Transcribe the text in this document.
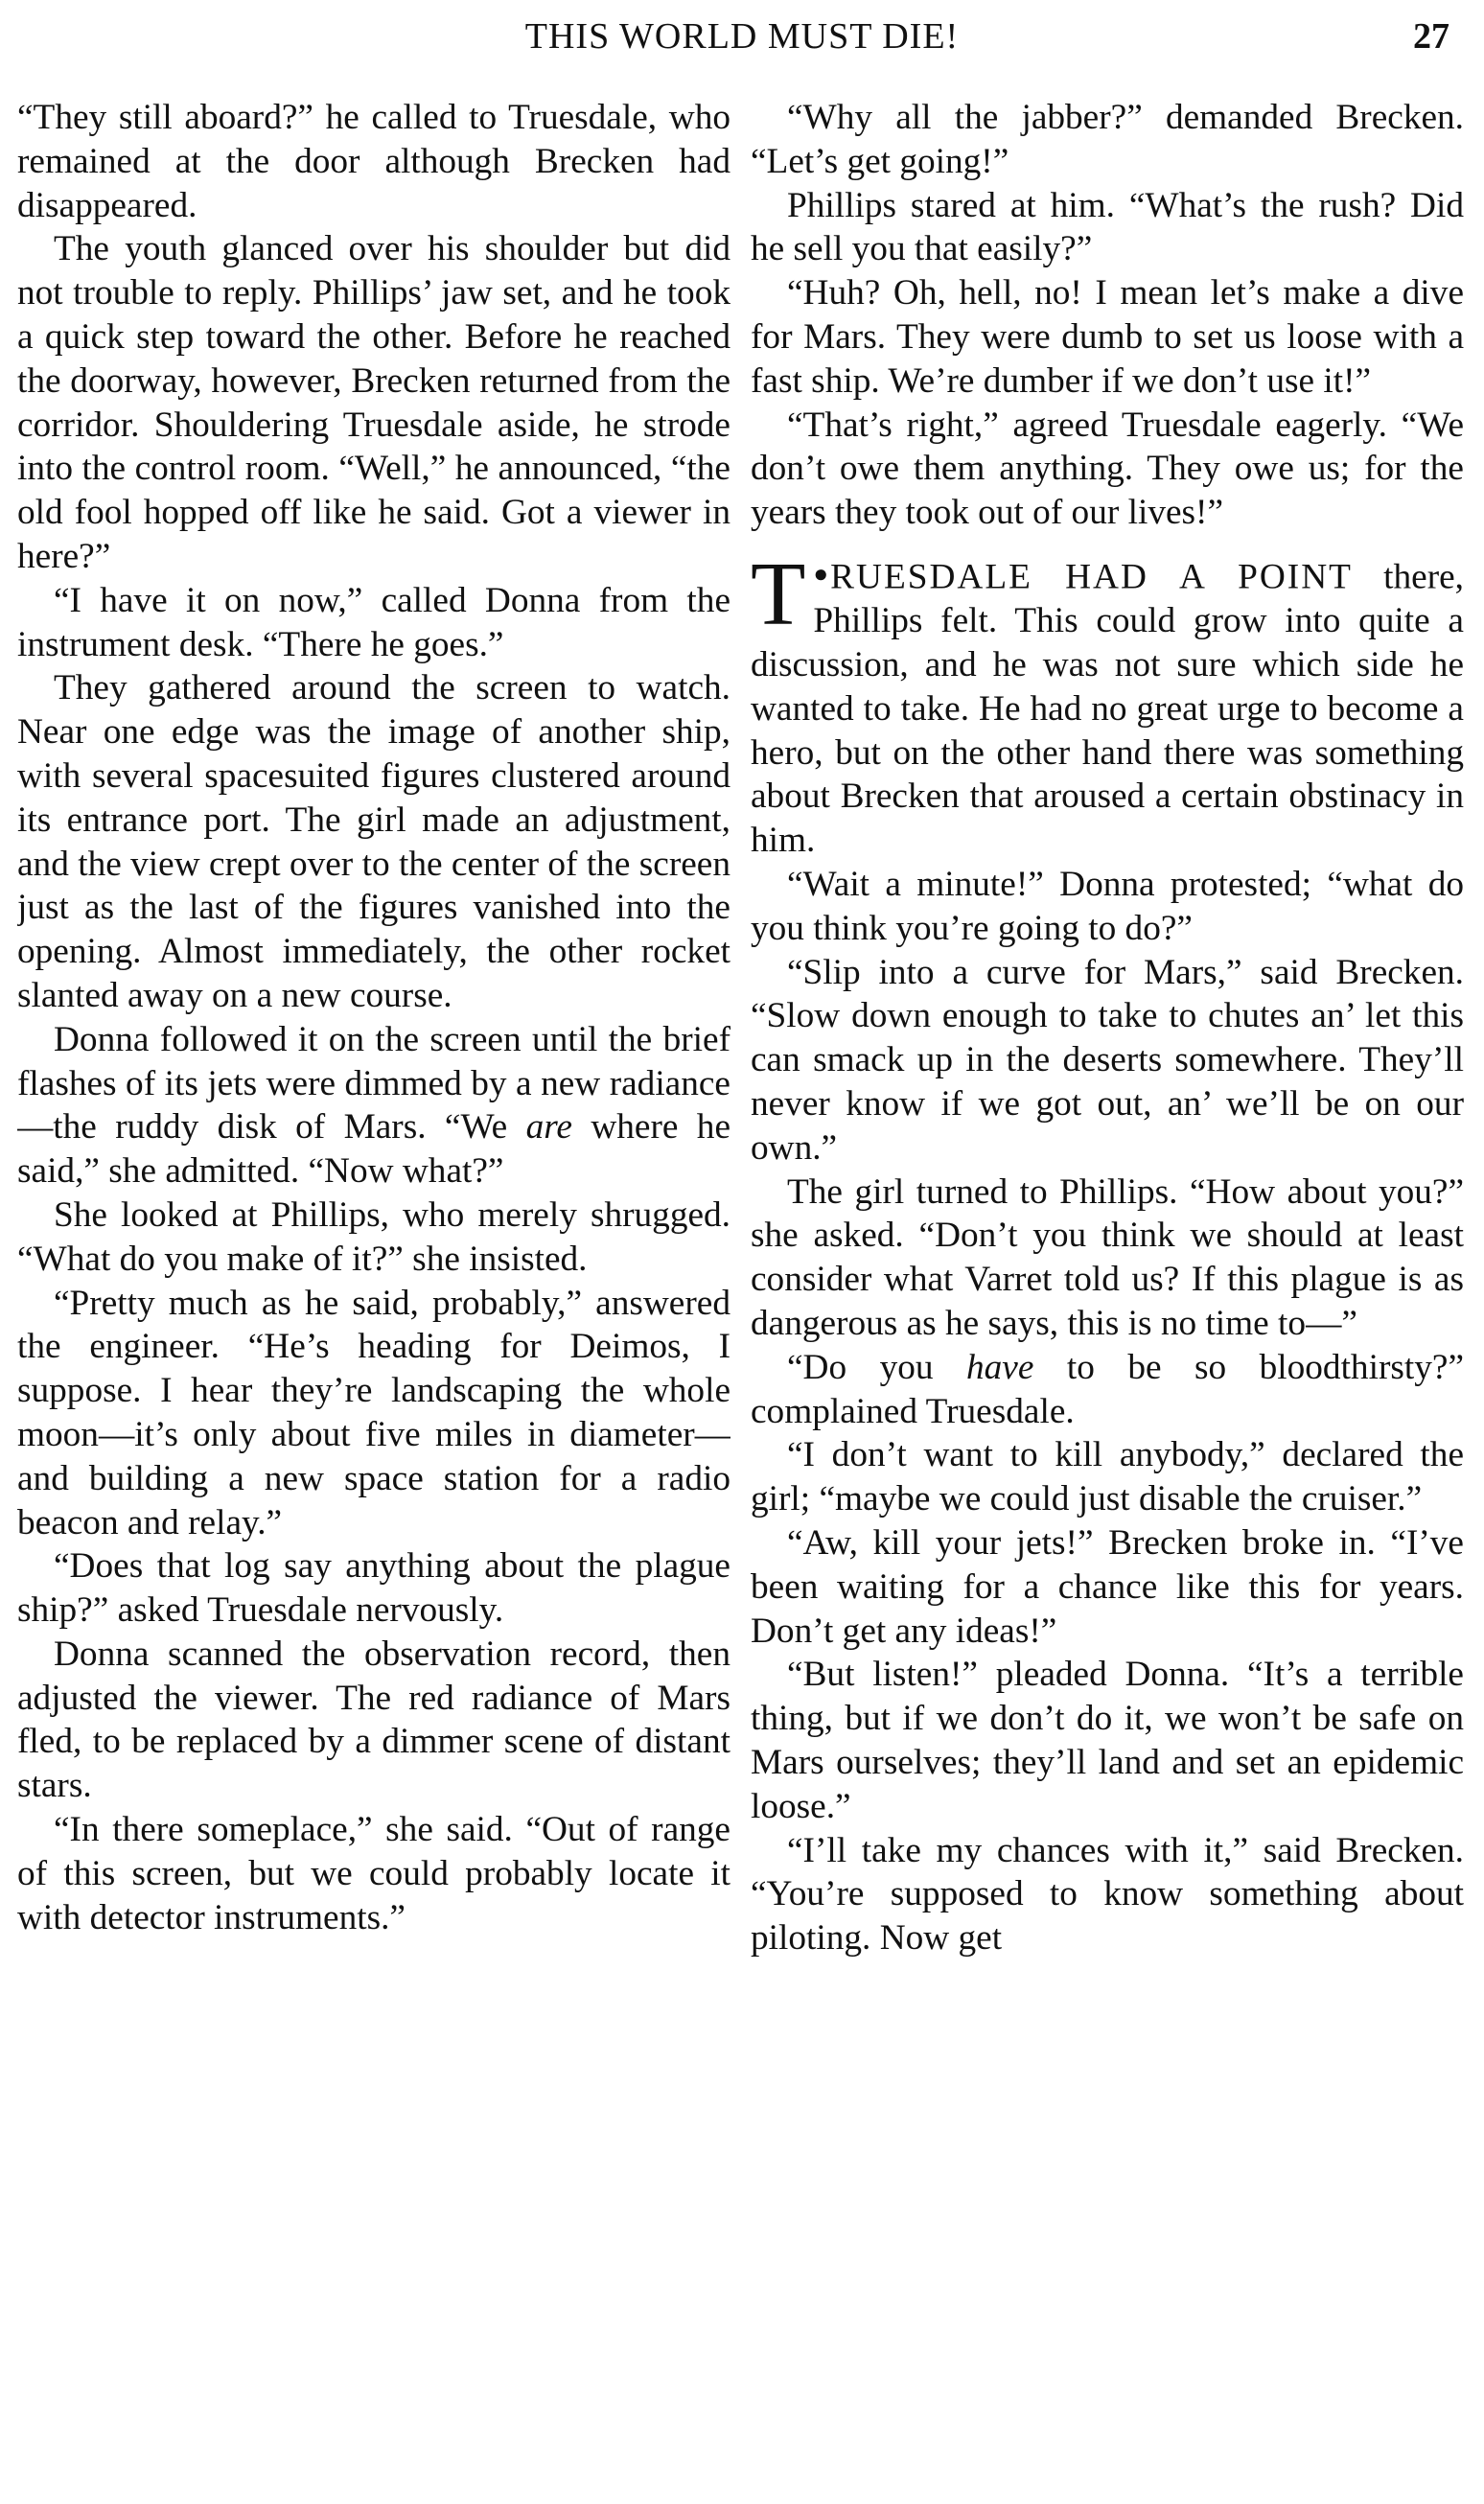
THIS WORLD MUST DIE!	27

“They still aboard?” he called to Truesdale, who remained at the door although Brecken had disappeared.

The youth glanced over his shoulder but did not trouble to reply. Phillips’ jaw set, and he took a quick step toward the other. Before he reached the doorway, however, Brecken returned from the corridor. Shouldering Truesdale aside, he strode into the control room. “Well,” he announced, “the old fool hopped off like he said. Got a viewer in here?”

“I have it on now,” called Donna from the instrument desk. “There he goes.”

They gathered around the screen to watch. Near one edge was the image of another ship, with several spacesuited figures clustered around its entrance port. The girl made an adjustment, and the view crept over to the center of the screen just as the last of the figures vanished into the opening. Almost immediately, the other rocket slanted away on a new course.

Donna followed it on the screen until the brief flashes of its jets were dimmed by a new radiance—the ruddy disk of Mars. “We are where he said,” she admitted. “Now what?”

She looked at Phillips, who merely shrugged. “What do you make of it?” she insisted.

“Pretty much as he said, probably,” answered the engineer. “He’s heading for Deimos, I suppose. I hear they’re landscaping the whole moon—it’s only about five miles in diameter—and building a new space station for a radio beacon and relay.”

“Does that log say anything about the plague ship?” asked Truesdale nervously.

Donna scanned the observation record, then adjusted the viewer. The red radiance of Mars fled, to be replaced by a dimmer scene of distant stars.

“In there someplace,” she said. “Out of range of this screen, but we could probably locate it with detector instruments.”

“Why all the jabber?” demanded Brecken. “Let’s get going!”

Phillips stared at him. “What’s the rush? Did he sell you that easily?”

“Huh? Oh, hell, no! I mean let’s make a dive for Mars. They were dumb to set us loose with a fast ship. We’re dumber if we don’t use it!”

“That’s right,” agreed Truesdale eagerly. “We don’t owe them anything. They owe us; for the years they took out of our lives!”

●
T RUESDALE HAD A POINT there, Phillips felt. This could grow into quite a discussion, and he was not sure which side he wanted to take. He had no great urge to become a hero, but on the other hand there was something about Brecken that aroused a certain obstinacy in him.

“Wait a minute!” Donna protested; “what do you think you’re going to do?”

“Slip into a curve for Mars,” said Brecken. “Slow down enough to take to chutes an’ let this can smack up in the deserts somewhere. They’ll never know if we got out, an’ we’ll be on our own.”

The girl turned to Phillips. “How about you?” she asked. “Don’t you think we should at least consider what Varret told us? If this plague is as dangerous as he says, this is no time to—”

“Do you have to be so bloodthirsty?” complained Truesdale.

“I don’t want to kill anybody,” declared the girl; “maybe we could just disable the cruiser.”

“Aw, kill your jets!” Brecken broke in. “I’ve been waiting for a chance like this for years. Don’t get any ideas!”

“But listen!” pleaded Donna. “It’s a terrible thing, but if we don’t do it, we won’t be safe on Mars ourselves; they’ll land and set an epidemic loose.”

“I’ll take my chances with it,” said Brecken. “You’re supposed to know something about piloting. Now get
